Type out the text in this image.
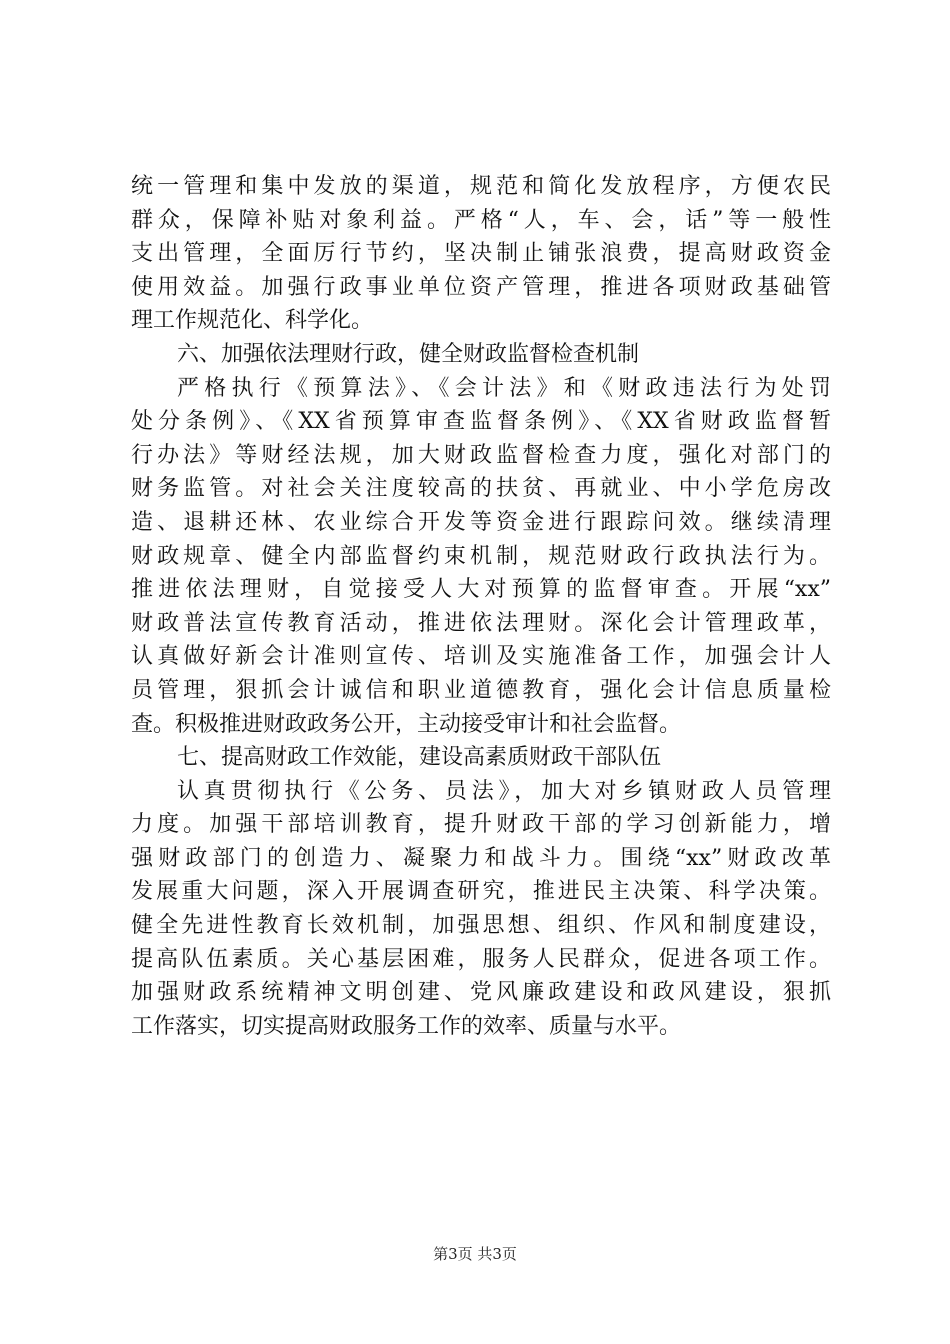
统一管理和集中发放的渠道，规范和简化发放程序，方便农民
群众，保障补贴对象利益。严格“人，车、会，话”等一般性
支出管理，全面厉行节约，坚决制止铺张浪费，提高财政资金
使用效益。加强行政事业单位资产管理，推进各项财政基础管
理工作规范化、科学化。
六、加强依法理财行政，健全财政监督检查机制
严格执行《预算法》、《会计法》和《财政违法行为处罚
处分条例》、《XX省预算审查监督条例》、《XX省财政监督暂
行办法》等财经法规，加大财政监督检查力度，强化对部门的
财务监管。对社会关注度较高的扶贫、再就业、中小学危房改
造、退耕还林、农业综合开发等资金进行跟踪问效。继续清理
财政规章、健全内部监督约束机制，规范财政行政执法行为。
推进依法理财，自觉接受人大对预算的监督审查。开展“xx”
财政普法宣传教育活动，推进依法理财。深化会计管理政革，
认真做好新会计准则宣传、培训及实施准备工作，加强会计人
员管理，狠抓会计诚信和职业道德教育，强化会计信息质量检
查。积极推进财政政务公开，主动接受审计和社会监督。
七、提高财政工作效能，建设高素质财政干部队伍
认真贯彻执行《公务、员法》，加大对乡镇财政人员管理
力度。加强干部培训教育，提升财政干部的学习创新能力，增
强财政部门的创造力、凝聚力和战斗力。围绕“xx”财政改革
发展重大问题，深入开展调查研究，推进民主决策、科学决策。
健全先进性教育长效机制，加强思想、组织、作风和制度建设，
提高队伍素质。关心基层困难，服务人民群众，促进各项工作。
加强财政系统精神文明创建、党风廉政建设和政风建设，狠抓
工作落实，切实提高财政服务工作的效率、质量与水平。
第3页 共3页
